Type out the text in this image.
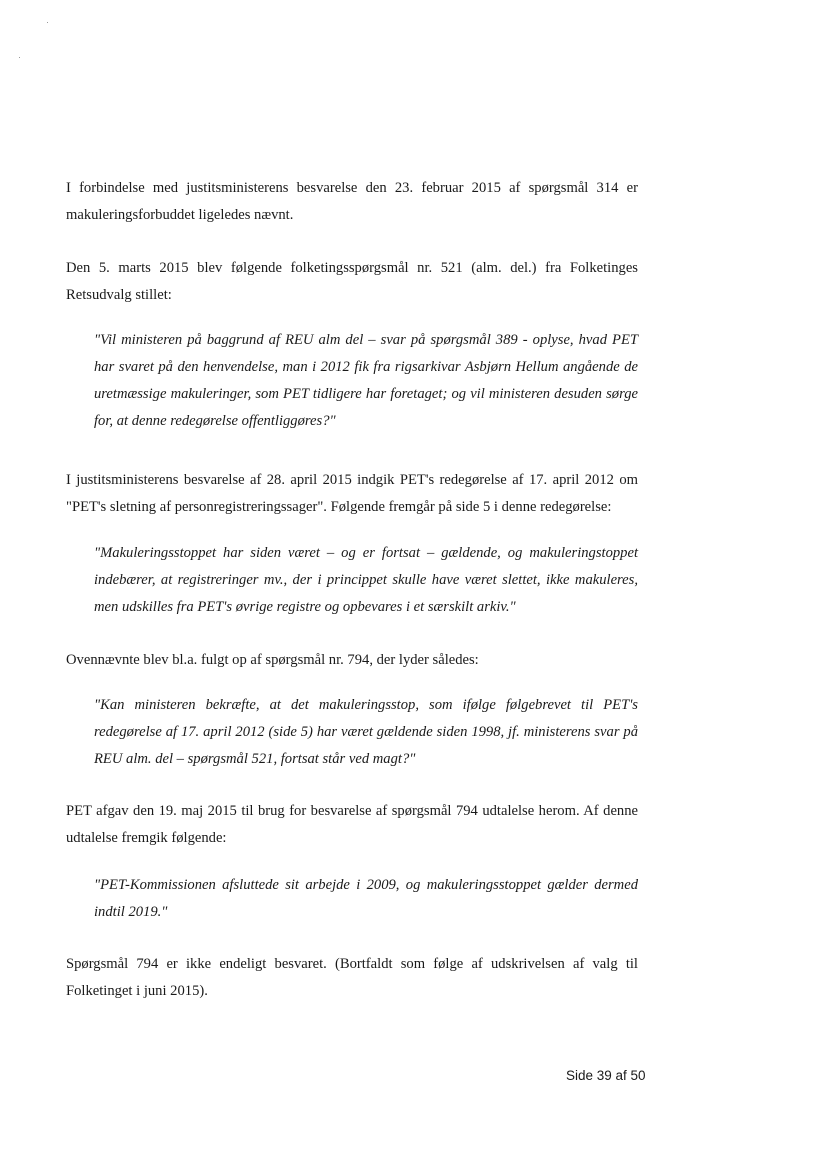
I forbindelse med justitsministerens besvarelse den 23. februar 2015 af spørgsmål 314 er makuleringsforbuddet ligeledes nævnt.

Den 5. marts 2015 blev følgende folketingsspørgsmål nr. 521 (alm. del.) fra Folketinges Retsudvalg stillet:

"Vil ministeren på baggrund af REU alm del – svar på spørgsmål 389 - oplyse, hvad PET har svaret på den henvendelse, man i 2012 fik fra rigsarkivar Asbjørn Hellum angående de uretmæssige makuleringer, som PET tidligere har foretaget; og vil ministeren desuden sørge for, at denne redegørelse offentliggøres?"

I justitsministerens besvarelse af 28. april 2015 indgik PET's redegørelse af 17. april 2012 om "PET's sletning af personregistreringssager". Følgende fremgår på side 5 i denne redegørelse:

"Makuleringsstoppet har siden været – og er fortsat – gældende, og makuleringstoppet indebærer, at registreringer mv., der i princippet skulle have været slettet, ikke makuleres, men udskilles fra PET's øvrige registre og opbevares i et særskilt arkiv."

Ovennævnte blev bl.a. fulgt op af spørgsmål nr. 794, der lyder således:

"Kan ministeren bekræfte, at det makuleringsstop, som ifølge følgebrevet til PET's redegørelse af 17. april 2012 (side 5) har været gældende siden 1998, jf. ministerens svar på REU alm. del – spørgsmål 521, fortsat står ved magt?"

PET afgav den 19. maj 2015 til brug for besvarelse af spørgsmål 794 udtalelse herom. Af denne udtalelse fremgik følgende:

"PET-Kommissionen afsluttede sit arbejde i 2009, og makuleringsstoppet gælder dermed indtil 2019."

Spørgsmål 794 er ikke endeligt besvaret. (Bortfaldt som følge af udskrivelsen af valg til Folketinget i juni 2015).

Side 39 af 50
